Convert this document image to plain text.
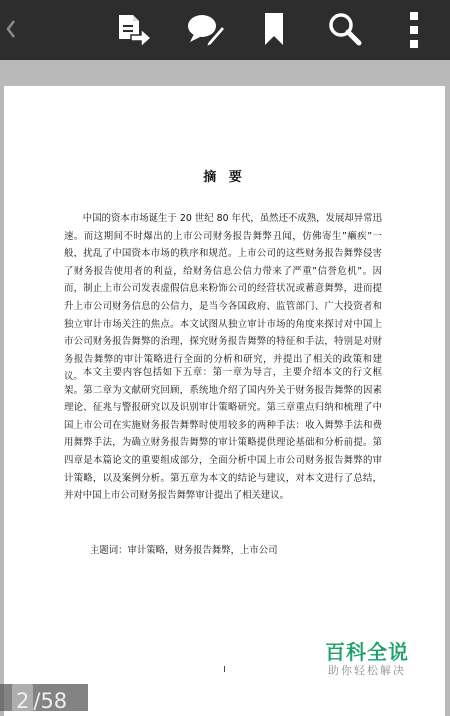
摘 要

中国的资本市场诞生于 20 世纪 80 年代，虽然还不成熟，发展却异常迅速。而这期间不时爆出的上市公司财务报告舞弊丑闻，仿佛寄生”癞疾”一般，扰乱了中国资本市场的秩序和规范。上市公司的这些财务报告舞弊侵害了财务报告使用者的利益，给财务信息公信力带来了严重”信誉危机”。因而，制止上市公司发表虚假信息来粉饰公司的经营状况或蓄意舞弊，进而提升上市公司财务信息的公信力，是当今各国政府、监管部门、广大投资者和独立审计市场关注的焦点。本文试图从独立审计市场的角度来探讨对中国上市公司财务报告舞弊的治理，探究财务报告舞弊的特征和手法，特别是对财务报告舞弊的审计策略进行全面的分析和研究，并提出了相关的政策和建议。 本文主要内容包括如下五章：第一章为导言，主要介绍本文的行文框架。第二章为文献研究回顾，系统地介绍了国内外关于财务报告舞弊的因素理论、征兆与警报研究以及识别审计策略研究。第三章重点归纳和梳理了中国上市公司在实施财务报告舞弊时使用较多的两种手法：收入舞弊手法和费用舞弊手法，为确立财务报告舞弊的审计策略提供理论基础和分析前提。第四章是本篇论文的重要组成部分，全面分析中国上市公司财务报告舞弊的审计策略，以及案例分析。第五章为本文的结论与建议，对本文进行了总结，并对中国上市公司财务报告舞弊审计提出了相关建议。

主题词：审计策略，财务报告舞弊，上市公司

I
百科全说
助你轻松解决
2 /58
